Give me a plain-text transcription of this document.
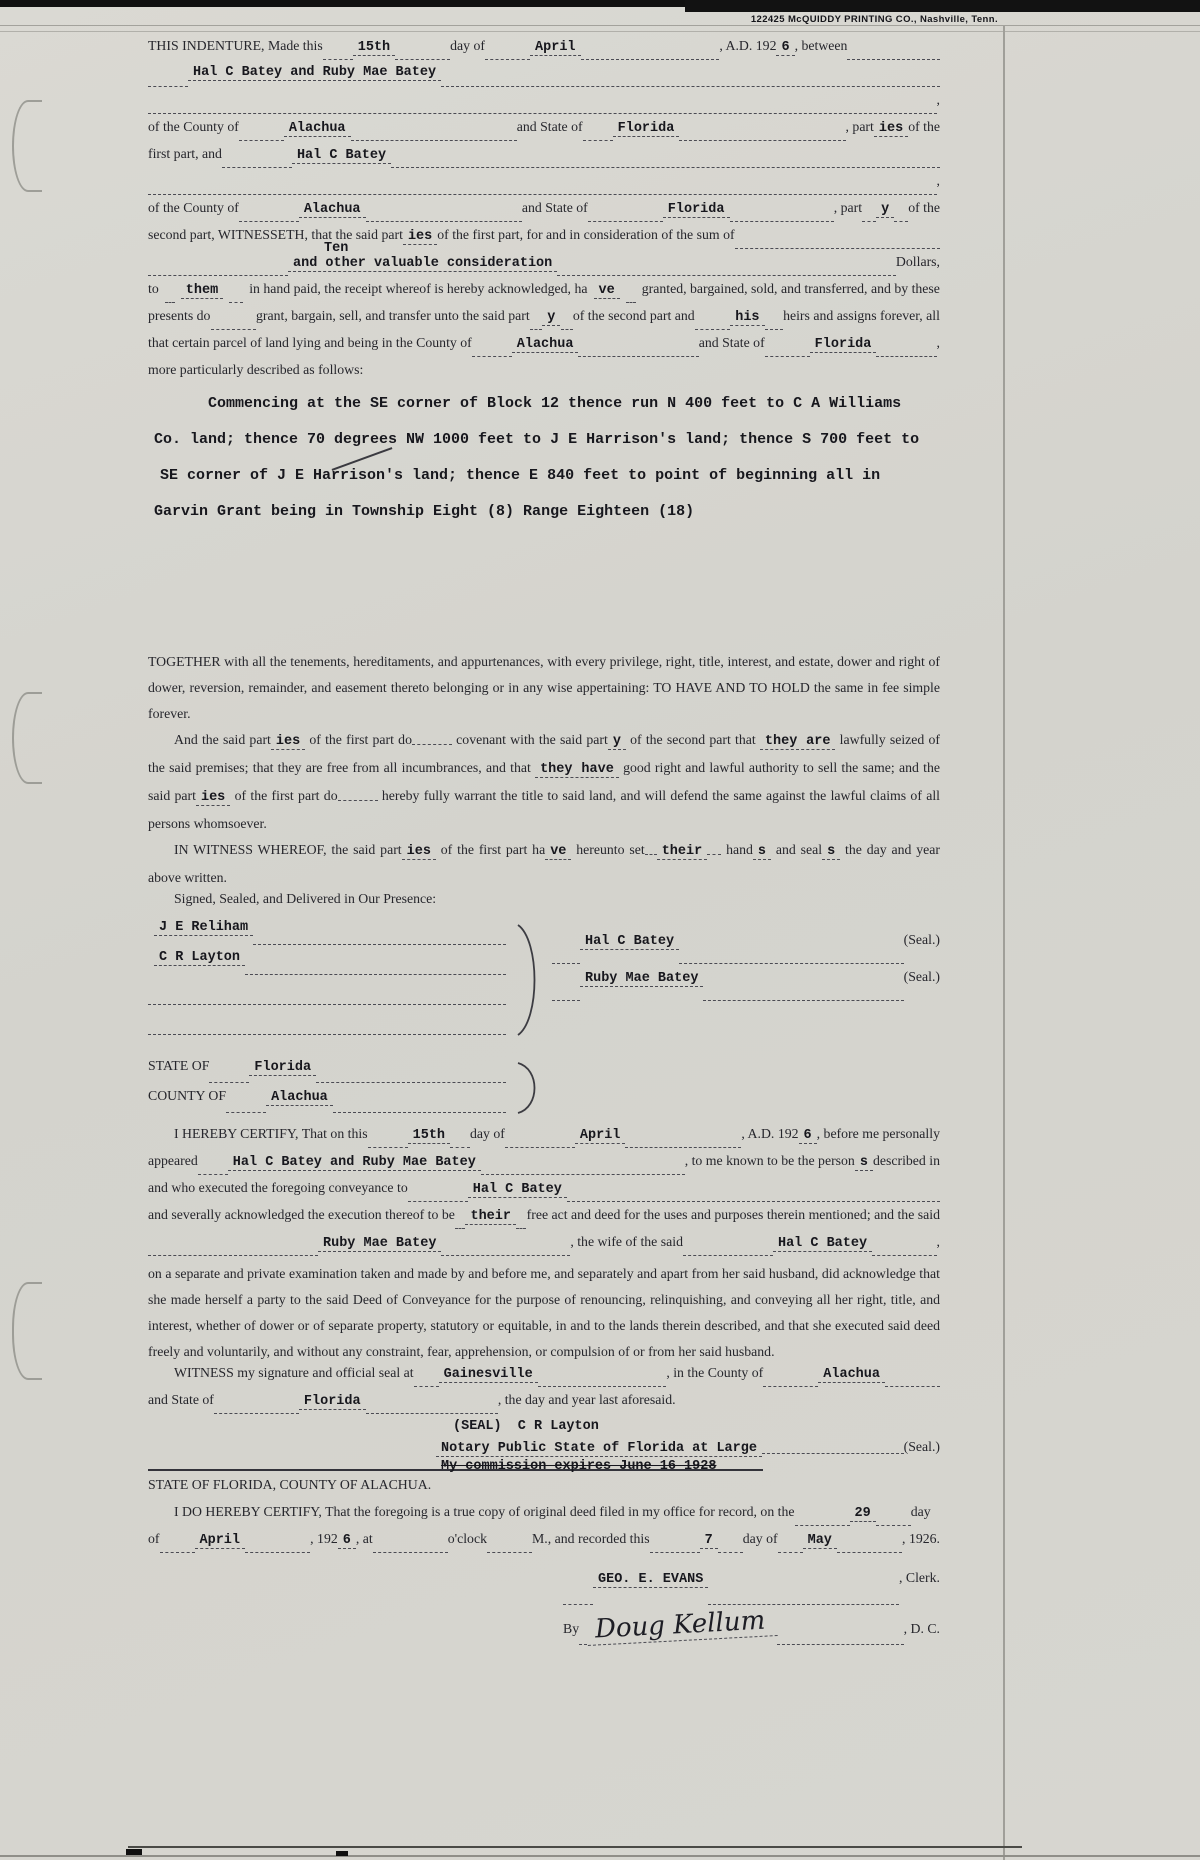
122425 McQUIDDY PRINTING CO., Nashville, Tenn.
THIS INDENTURE, Made this	15th	day of	April	, A.D. 192 6 , between
Hal C Batey and Ruby Mae Batey
,
of the County of	Alachua	and State of	Florida	, part ies of the
first part, and	Hal C Batey
,
of the County of	Alachua	and State of	Florida	, part	y	of the
second part, WITNESSETH, that the said part ies of the first part, for and in consideration of the sum of
and other valuable consideration
Ten
Dollars,
to	them	in hand paid, the receipt whereof is hereby acknowledged, ha ve	granted, bargained, sold, and transferred, and by these
presents do	grant, bargain, sell, and transfer unto the said part	y	of the second part and	his	heirs and assigns forever, all
that certain parcel of land lying and being in the County of	Alachua	and State of	Florida	,
more particularly described as follows:
Commencing at the SE corner of Block 12 thence run N 400 feet to C A Williams
Co. land; thence 70 degrees NW 1000 feet to J E Harrison's land; thence S 700 feet to
SE corner of J E Harrison's land; thence E 840 feet to point of beginning all in
Garvin Grant being in Township Eight (8) Range Eighteen (18)
TOGETHER with all the tenements, hereditaments, and appurtenances, with every privilege, right, title, interest, and estate, dower and right of dower, reversion, remainder, and easement thereto belonging or in any wise appertaining: TO HAVE AND TO HOLD the same in fee simple forever.
And the said part ies of the first part do	covenant with the said part y of the second part that they are lawfully seized of the said premises; that they are free from all incumbrances, and that they have good right and lawful authority to sell the same; and the said part ies of the first part do	hereby fully warrant the title to said land, and will defend the same against the lawful claims of all persons whomsoever.
IN WITNESS WHEREOF, the said part ies of the first part ha ve hereunto set their hand s and seal s the day and year above written.
Signed, Sealed, and Delivered in Our Presence:
J E Reliham
C R Layton
Hal C Batey	(Seal.)
Ruby Mae Batey	(Seal.)
STATE OF	Florida
COUNTY OF	Alachua
I HEREBY CERTIFY, That on this	15th	day of	April	, A.D. 192 6 , before me personally
appeared	Hal C Batey and Ruby Mae Batey	, to me known to be the person s described in
and who executed the foregoing conveyance to	Hal C Batey
and severally acknowledged the execution thereof to be	their	free act and deed for the uses and purposes therein mentioned; and the said
Ruby Mae Batey	, the wife of the said	Hal C Batey	,
on a separate and private examination taken and made by and before me, and separately and apart from her said husband, did acknowledge that she made herself a party to the said Deed of Conveyance for the purpose of renouncing, relinquishing, and conveying all her right, title, and interest, whether of dower or of separate property, statutory or equitable, in and to the lands therein described, and that she executed said deed freely and voluntarily, and without any constraint, fear, apprehension, or compulsion of or from her said husband.
WITNESS my signature and official seal at	Gainesville	, in the County of	Alachua
and State of	Florida	, the day and year last aforesaid.
(SEAL)  C R Layton
Notary Public State of Florida at Large	(Seal.)
My commission expires June 16 1928
STATE OF FLORIDA, COUNTY OF ALACHUA.
I DO HEREBY CERTIFY, That the foregoing is a true copy of original deed filed in my office for record, on the	29	day
of	April	, 192 6 , at	o'clock	M., and recorded this	7	day of	May	, 1926.
GEO. E. EVANS	, Clerk.
By Doug Kellum	, D. C.
